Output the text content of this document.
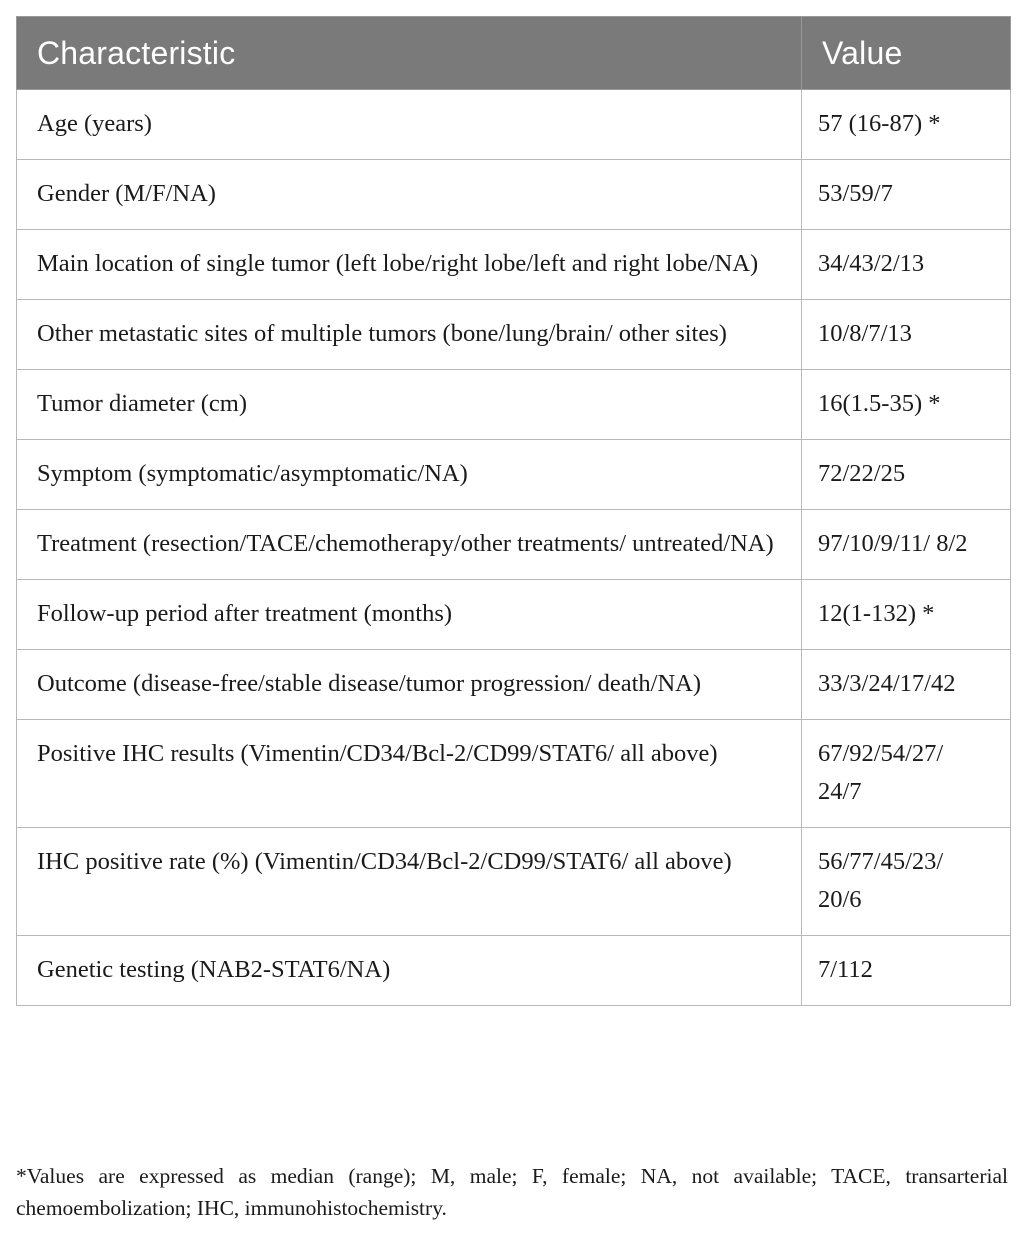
Characteristic	Value
Age (years)	57 (16-87) *
Gender (M/F/NA)	53/59/7
Main location of single tumor (left lobe/right lobe/left and right lobe/NA)	34/43/2/13
Other metastatic sites of multiple tumors (bone/lung/brain/ other sites)	10/8/7/13
Tumor diameter (cm)	16(1.5-35) *
Symptom (symptomatic/asymptomatic/NA)	72/22/25
Treatment (resection/TACE/chemotherapy/other treatments/ untreated/NA)	97/10/9/11/ 8/2
Follow-up period after treatment (months)	12(1-132) *
Outcome (disease-free/stable disease/tumor progression/ death/NA)	33/3/24/17/42
Positive IHC results (Vimentin/CD34/Bcl-2/CD99/STAT6/ all above)	67/92/54/27/ 24/7
IHC positive rate (%) (Vimentin/CD34/Bcl-2/CD99/STAT6/ all above)	56/77/45/23/ 20/6
Genetic testing (NAB2-STAT6/NA)	7/112
*Values are expressed as median (range); M, male; F, female; NA, not available; TACE, transarterial chemoembolization; IHC, immunohistochemistry.
